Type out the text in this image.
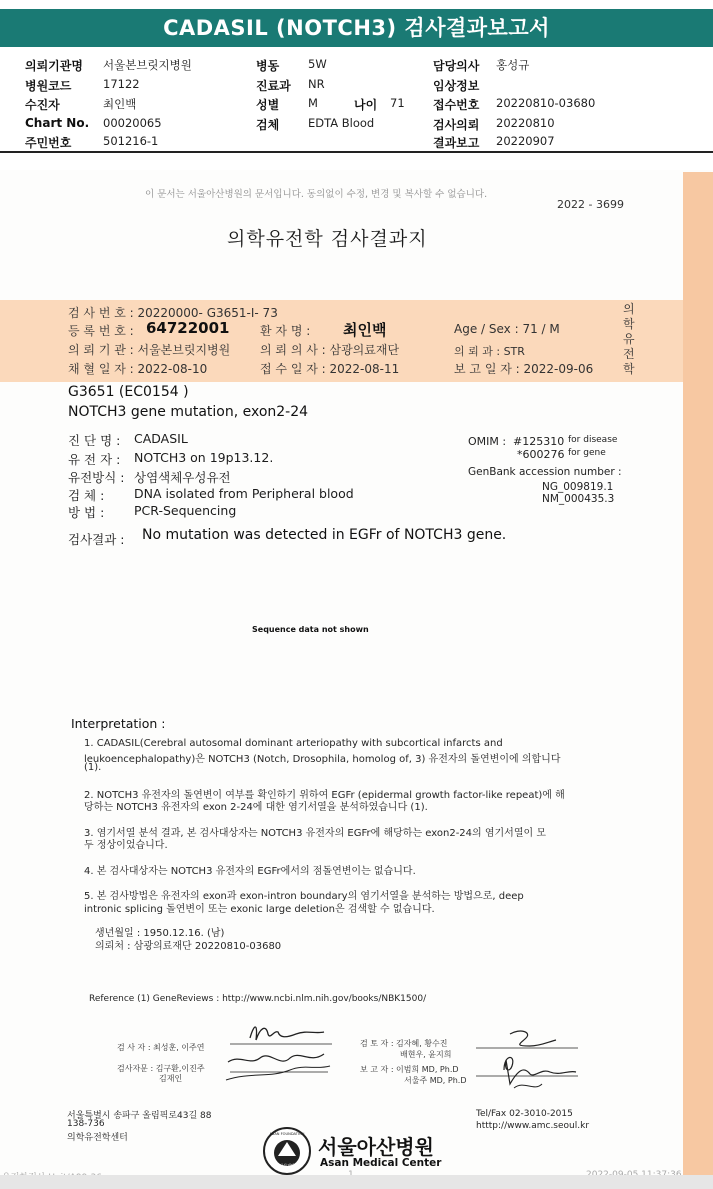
CADASIL (NOTCH3) 검사결과보고서
의뢰기관명 서울본브릿지병원
병원코드	17122
수진자	최인백
Chart No. 00020065
주민번호	501216-1
병동	5W
진료과 NR
성별	M	나이 71
검체	EDTA Blood
담당의사 홍성규
임상정보
접수번호 20220810-03680
검사의뢰 20220810
결과보고 20220907
이 문서는 서울아산병원의 문서입니다. 동의없이 수정, 변경 및 복사할 수 없습니다.
2022 - 3699
의학유전학 검사결과지
검 사 번 호 : 20220000- G3651-I- 73
등 록 번 호 : 64722001
의 뢰 기 관 : 서울본브릿지병원
채 혈 일 자 : 2022-08-10
환 자 명 : 최인백
의 뢰 의 사 : 삼광의료재단
접 수 일 자 : 2022-08-11
Age / Sex : 71 / M
의 뢰 과 : STR
보 고 일 자 : 2022-09-06
의
학
유
전
학
G3651 (EC0154 )
NOTCH3 gene mutation, exon2-24
진 단 명 : CADASIL
유 전 자 : NOTCH3 on 19p13.12.
유전방식 : 상염색체우성유전
검 체 : DNA isolated from Peripheral blood
방 법 : PCR-Sequencing
OMIM : #125310 for disease
*600276 for gene
GenBank accession number :
NG_009819.1
NM_000435.3
검사결과 : No mutation was detected in EGFr of NOTCH3 gene.
Sequence data not shown
Interpretation :
1. CADASIL(Cerebral autosomal dominant arteriopathy with subcortical infarcts and
leukoencephalopathy)은 NOTCH3 (Notch, Drosophila, homolog of, 3) 유전자의 돌연변이에 의합니다
(1).
2. NOTCH3 유전자의 돌연변이 여부를 확인하기 위하여 EGFr (epidermal growth factor-like repeat)에 해
당하는 NOTCH3 유전자의 exon 2-24에 대한 염기서열을 분석하였습니다 (1).
3. 염기서열 분석 결과, 본 검사대상자는 NOTCH3 유전자의 EGFr에 해당하는 exon2-24의 염기서열이 모
두 정상이었습니다.
4. 본 검사대상자는 NOTCH3 유전자의 EGFr에서의 점돌연변이는 없습니다.
5. 본 검사방법은 유전자의 exon과 exon-intron boundary의 염기서열을 분석하는 방법으로, deep
intronic splicing 돌연변이 또는 exonic large deletion은 검색할 수 없습니다.
생년월일 : 1950.12.16. (남)
의뢰처 : 삼광의료재단 20220810-03680
Reference (1) GeneReviews : http://www.ncbi.nlm.nih.gov/books/NBK1500/
검 사 자 : 최성훈, 이주연
검사자문 : 김구환,이진주
김재인
검 토 자 : 김자혜, 황수진
배현우, 윤지희
보 고 자 : 이범희 MD, Ph.D
서울주 MD, Ph.D
서울특별시 송파구 올림픽로43길 88
138-736
의학유전학센터
Tel/Fax 02-3010-2015
htttp://www.amc.seoul.kr
아산재단
ASAN FOUNDATION
서울아산병원
Asan Medical Center
